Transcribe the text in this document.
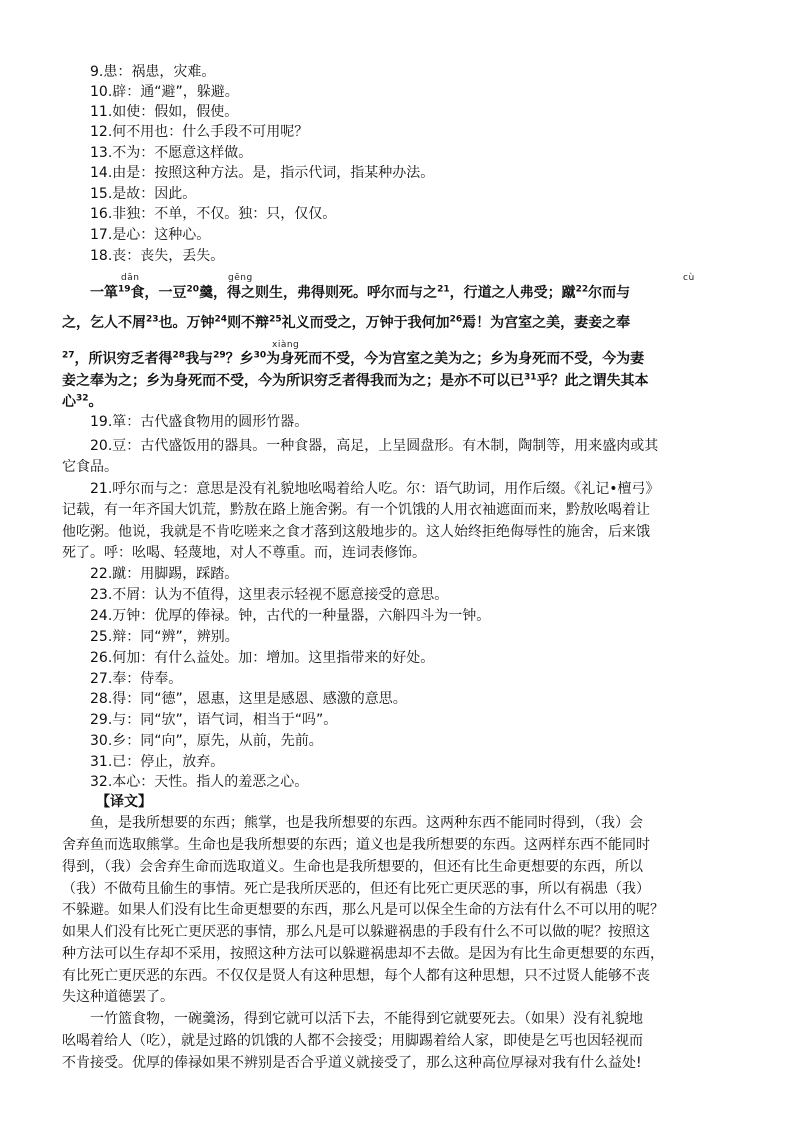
9.患：祸患，灾难。
10.辟：通“避”，躲避。
11.如使：假如，假使。
12.何不用也：什么手段不可用呢？
13.不为：不愿意这样做。
14.由是：按照这种方法。是，指示代词，指某种办法。
15.是故：因此。
16.非独：不单，不仅。独：只，仅仅。
17.是心：这种心。
18.丧：丧失，丢失。
dān	gēng	cù
xiàng
一箪$^{19}$食，一豆$^{20}$羹，得之则生，弗得则死。呼尔而与之$^{21}$，行道之人弗受；蹴$^{22}$尔而与
之，乞人不屑$^{23}$也。万钟$^{24}$则不辩$^{25}$礼义而受之，万钟于我何加$^{26}$焉！为宫室之美，妻妾之奉
$^{27}$，所识穷乏者得$^{28}$我与$^{29}$？乡$^{30}$为身死而不受，今为宫室之美为之；乡为身死而不受，今为妻
妾之奉为之；乡为身死而不受，今为所识穷乏者得我而为之；是亦不可以已$^{31}$乎？此之谓失其本
心$^{32}$。
19.箪：古代盛食物用的圆形竹器。
20.豆：古代盛饭用的器具。一种食器，高足，上呈圆盘形。有木制，陶制等，用来盛肉或其
它食品。
21.呼尔而与之：意思是没有礼貌地吆喝着给人吃。尔：语气助词，用作后缀。《礼记•檀弓》
记载，有一年齐国大饥荒，黔敖在路上施舍粥。有一个饥饿的人用衣袖遮面而来，黔敖吆喝着让
他吃粥。他说，我就是不肯吃嗟来之食才落到这般地步的。这人始终拒绝侮辱性的施舍，后来饿
死了。呼：吆喝、轻蔑地，对人不尊重。而，连词表修饰。
22.蹴：用脚踢，踩踏。
23.不屑：认为不值得，这里表示轻视不愿意接受的意思。
24.万钟：优厚的俸禄。钟，古代的一种量器，六斛四斗为一钟。
25.辩：同“辨”，辨别。
26.何加：有什么益处。加：增加。这里指带来的好处。
27.奉：侍奉。
28.得：同“德”，恩惠，这里是感恩、感激的意思。
29.与：同“欤”，语气词，相当于“吗”。
30.乡：同“向”，原先，从前，先前。
31.已：停止，放弃。
32.本心：天性。指人的羞恶之心。
【译文】
鱼，是我所想要的东西；熊掌，也是我所想要的东西。这两种东西不能同时得到，（我）会
舍弃鱼而选取熊掌。生命也是我所想要的东西；道义也是我所想要的东西。这两样东西不能同时
得到，（我）会舍弃生命而选取道义。生命也是我所想要的，但还有比生命更想要的东西，所以
（我）不做苟且偷生的事情。死亡是我所厌恶的，但还有比死亡更厌恶的事，所以有祸患（我）
不躲避。如果人们没有比生命更想要的东西，那么凡是可以保全生命的方法有什么不可以用的呢？
如果人们没有比死亡更厌恶的事情，那么凡是可以躲避祸患的手段有什么不可以做的呢？按照这
种方法可以生存却不采用，按照这种方法可以躲避祸患却不去做。是因为有比生命更想要的东西，
有比死亡更厌恶的东西。不仅仅是贤人有这种思想，每个人都有这种思想，只不过贤人能够不丧
失这种道德罢了。
一竹篮食物，一碗羹汤，得到它就可以活下去，不能得到它就要死去。（如果）没有礼貌地
吆喝着给人（吃），就是过路的饥饿的人都不会接受；用脚踢着给人家，即使是乞丐也因轻视而
不肯接受。优厚的俸禄如果不辨别是否合乎道义就接受了，那么这种高位厚禄对我有什么益处!
